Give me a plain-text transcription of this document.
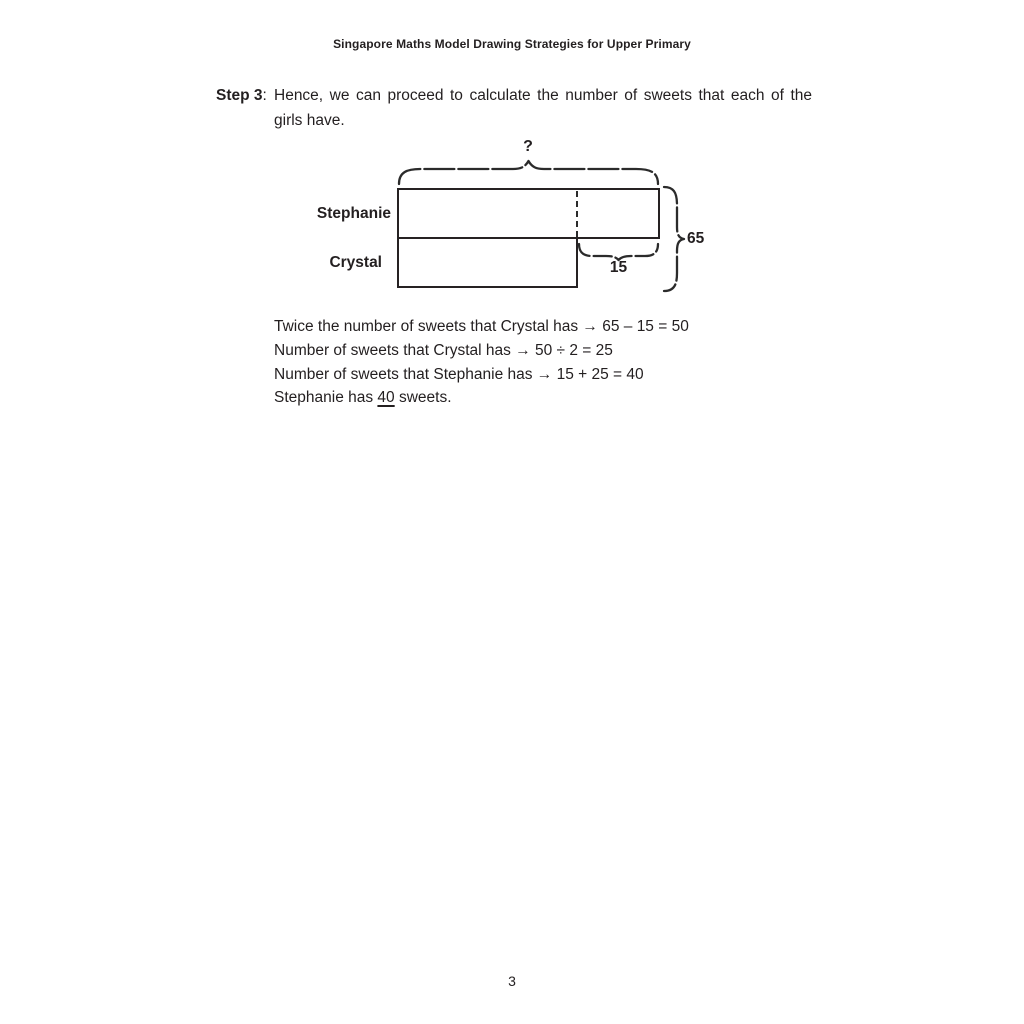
Singapore Maths Model Drawing Strategies for Upper Primary
Step 3: Hence, we can proceed to calculate the number of sweets that each of the girls have.
?
Stephanie
Crystal	15
65
Twice the number of sweets that Crystal has → 65 – 15 = 50
Number of sweets that Crystal has → 50 ÷ 2 = 25
Number of sweets that Stephanie has → 15 + 25 = 40
Stephanie has 40 sweets.
3
